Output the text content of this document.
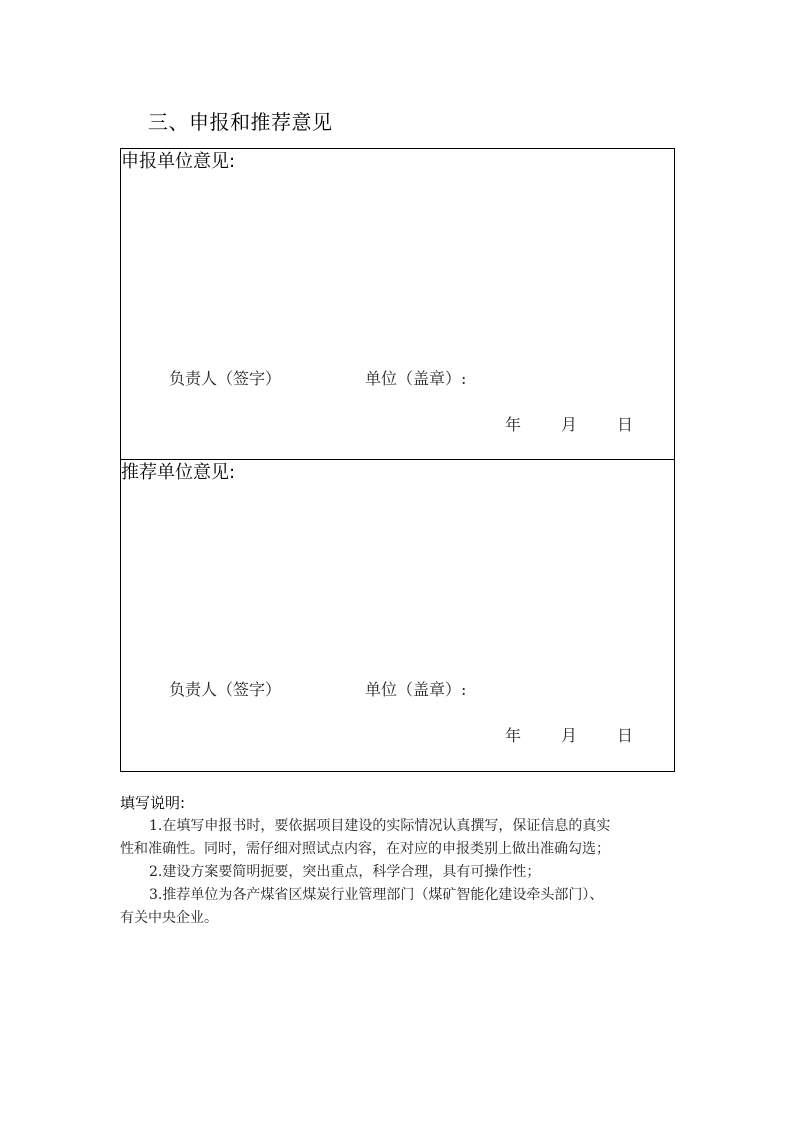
三、申报和推荐意见
申报单位意见:
负责人（签字）	单位（盖章）:
年 月 日
推荐单位意见:
负责人（签字）	单位（盖章）:
年 月 日
填写说明:
1.在填写申报书时，要依据项目建设的实际情况认真撰写，保证信息的真实
性和准确性。同时，需仔细对照试点内容，在对应的申报类别上做出准确勾选；
2.建设方案要简明扼要，突出重点，科学合理，具有可操作性；
3.推荐单位为各产煤省区煤炭行业管理部门（煤矿智能化建设牵头部门）、
有关中央企业。
